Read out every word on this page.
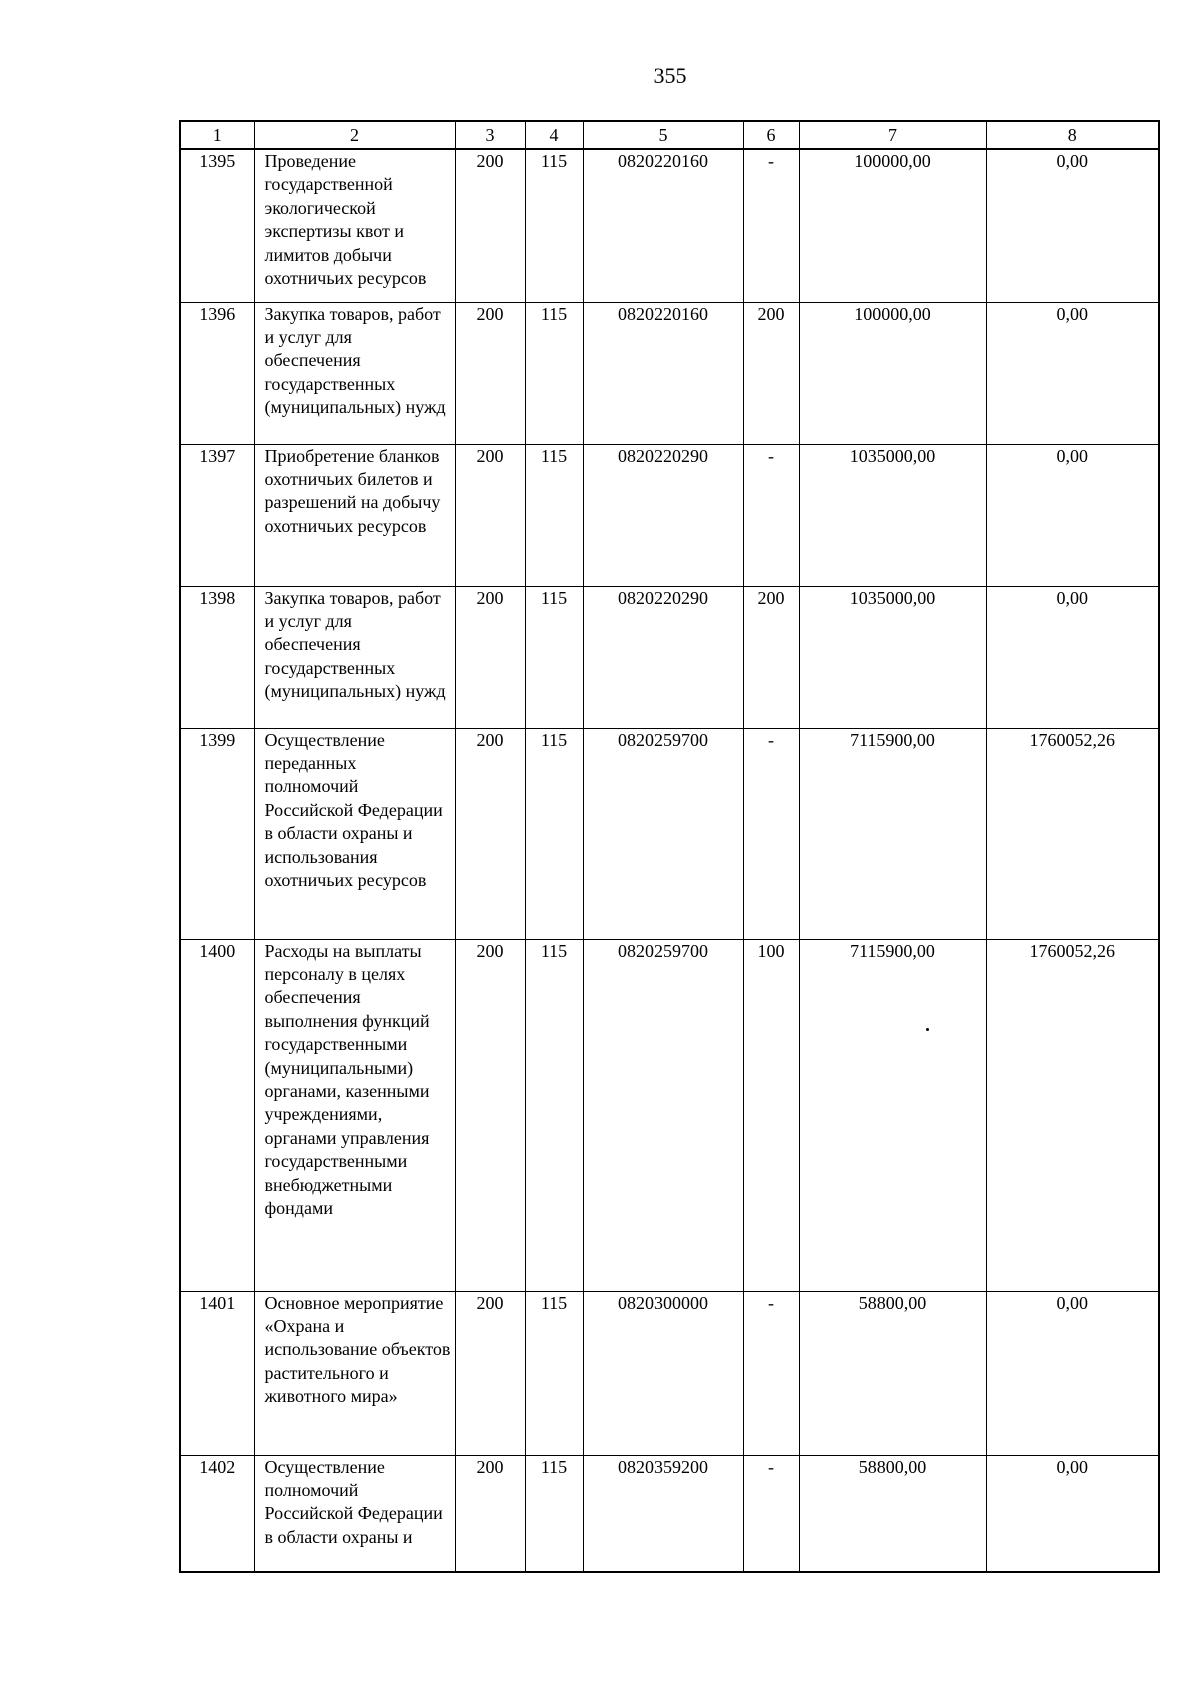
355
1	2	3	4	5	6	7	8
1395	Проведение государственной экологической экспертизы квот и лимитов добычи охотничьих ресурсов	200	115	0820220160	-	100000,00	0,00
1396	Закупка товаров, работ и услуг для обеспечения государственных (муниципальных) нужд	200	115	0820220160	200	100000,00	0,00
1397	Приобретение бланков охотничьих билетов и разрешений на добычу охотничьих ресурсов	200	115	0820220290	-	1035000,00	0,00
1398	Закупка товаров, работ и услуг для обеспечения государственных (муниципальных) нужд	200	115	0820220290	200	1035000,00	0,00
1399	Осуществление переданных полномочий Российской Федерации в области охраны и использования охотничьих ресурсов	200	115	0820259700	-	7115900,00	1760052,26
1400	Расходы на выплаты персоналу в целях обеспечения выполнения функций государственными (муниципальными) органами, казенными учреждениями, органами управления государственными внебюджетными фондами	200	115	0820259700	100	7115900,00	1760052,26
1401	Основное мероприятие «Охрана и использование объектов растительного и животного мира»	200	115	0820300000	-	58800,00	0,00
1402	Осуществление полномочий Российской Федерации в области охраны и	200	115	0820359200	-	58800,00	0,00
